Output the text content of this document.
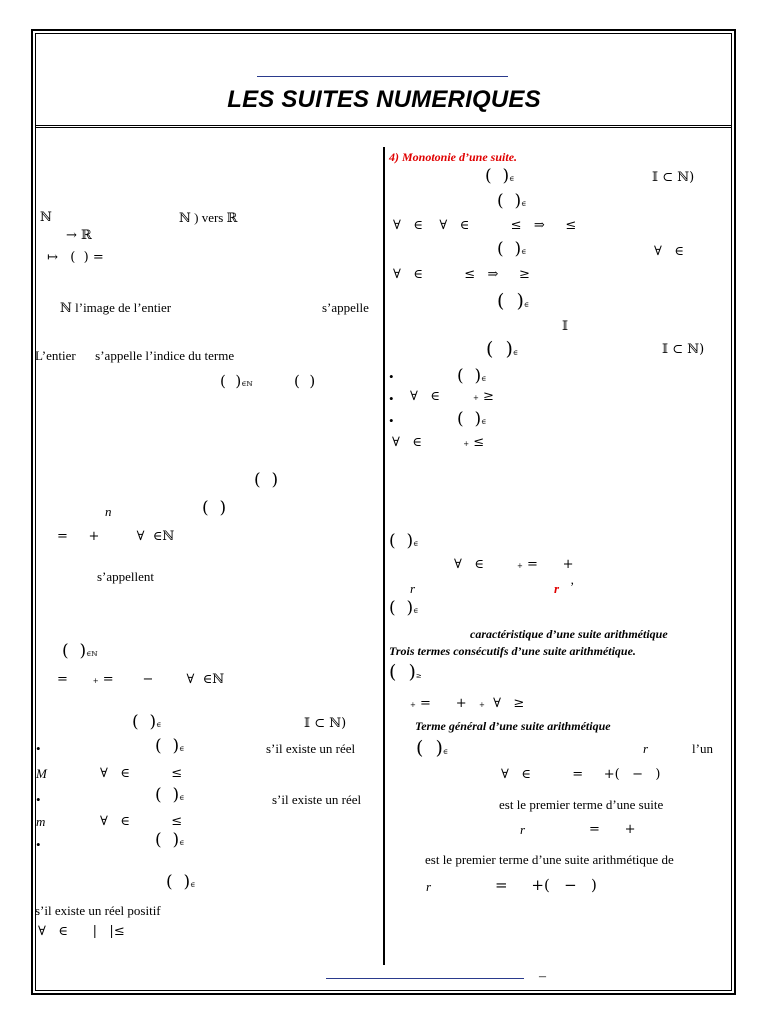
LES SUITES NUMERIQUES
ℕ	ℕ ) vers ℝ
→ ℝ
↦   (  ) =
ℕ l’image de l’entier	s’appelle
L’entier      s’appelle l’indice du terme
(  )∈ℕ	(  )
(  )
n	(  )
=     +         ∀  ∈ℕ
s’appellent
(  )∈ℕ
=	+ =       −        ∀  ∈ℕ
(  )∈	𝕀 ⊂ ℕ)
•	(  )∈	s’il existe un réel
M	∀   ∈          ≤
•	(  )∈	s’il existe un réel
m	∀   ∈          ≤
•	(  )∈
(  )∈
s’il existe un réel positif
∀   ∈      |   |≤
4) Monotonie d’une suite.
(  )∈	𝕀 ⊂ ℕ)
(  )∈
∀   ∈    ∀   ∈          ≤   ⇒     ≤
(  )∈	∀   ∈
∀   ∈          ≤   ⇒     ≥
(  )∈
𝕀
(  )∈	𝕀 ⊂ ℕ)
•	(  )∈
• ∀   ∈	+ ≥
•	(  )∈
∀   ∈	+ ≤
(  )∈
∀   ∈	+ =      +
r	r ’
(  )∈
caractéristique d’une suite arithmétique
Trois termes consécutifs d’une suite arithmétique.
(  )≥
+ =      + + ∀   ≥
Terme général d’une suite arithmétique
(  )∈	r	l’un
∀   ∈          =     +(   −   )
est le premier terme d’une suite
r	=      +
est le premier terme d’une suite arithmétique de
r	=     +(   −   )
–
